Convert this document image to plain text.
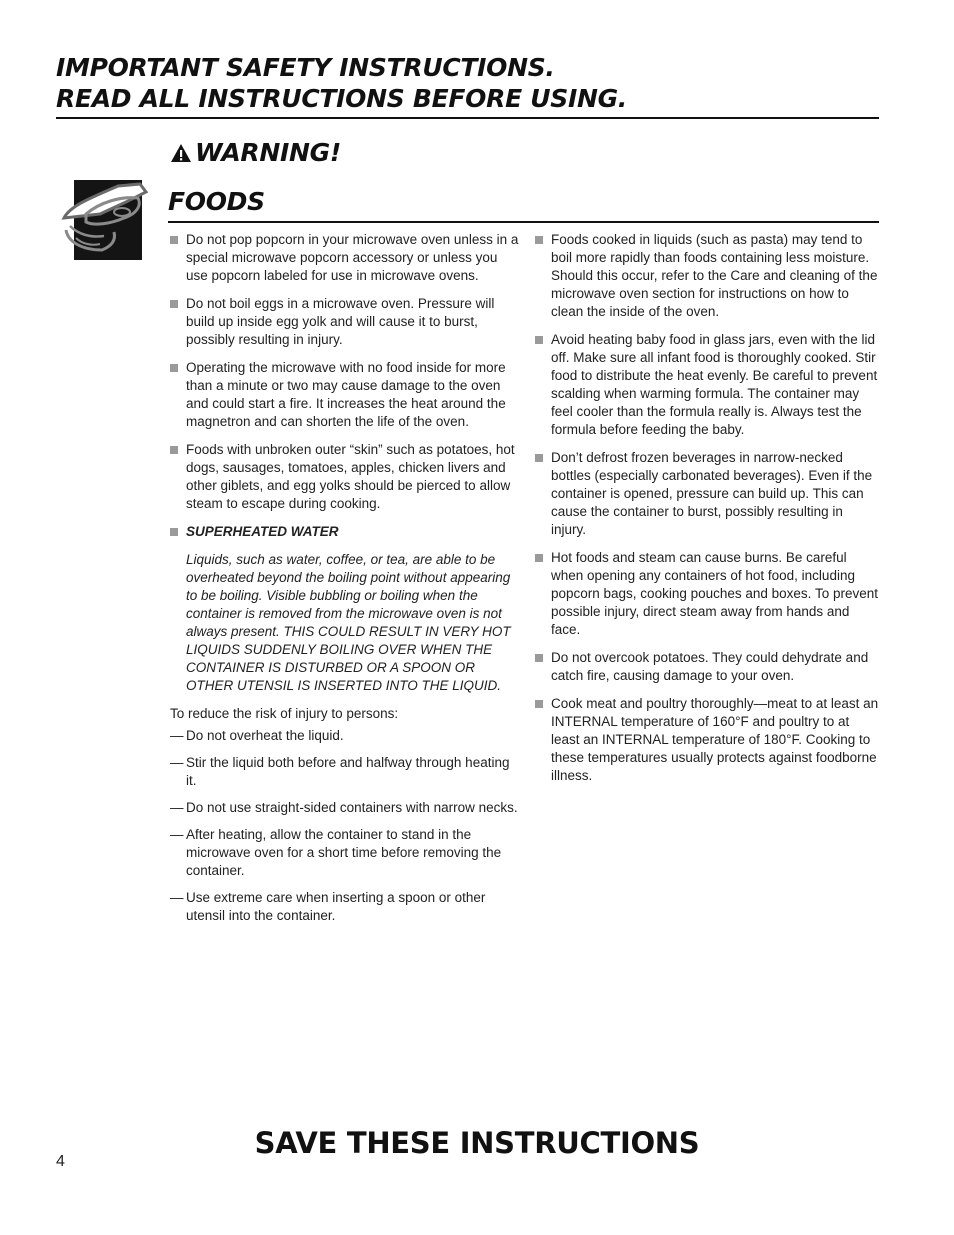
IMPORTANT SAFETY INSTRUCTIONS.
READ ALL INSTRUCTIONS BEFORE USING.
WARNING!
FOODS
Do not pop popcorn in your microwave oven unless in a special microwave popcorn accessory or unless you use popcorn labeled for use in microwave ovens.
Do not boil eggs in a microwave oven. Pressure will build up inside egg yolk and will cause it to burst, possibly resulting in injury.
Operating the microwave with no food inside for more than a minute or two may cause damage to the oven and could start a fire. It increases the heat around the magnetron and can shorten the life of the oven.
Foods with unbroken outer “skin” such as potatoes, hot dogs, sausages, tomatoes, apples, chicken livers and other giblets, and egg yolks should be pierced to allow steam to escape during cooking.
SUPERHEATED WATER
Liquids, such as water, coffee, or tea, are able to be overheated beyond the boiling point without appearing to be boiling. Visible bubbling or boiling when the container is removed from the microwave oven is not always present. THIS COULD RESULT IN VERY HOT LIQUIDS SUDDENLY BOILING OVER WHEN THE CONTAINER IS DISTURBED OR A SPOON OR OTHER UTENSIL IS INSERTED INTO THE LIQUID.
To reduce the risk of injury to persons:
— Do not overheat the liquid.
— Stir the liquid both before and halfway through heating it.
— Do not use straight-sided containers with narrow necks.
— After heating, allow the container to stand in the microwave oven for a short time before removing the container.
— Use extreme care when inserting a spoon or other utensil into the container.
Foods cooked in liquids (such as pasta) may tend to boil more rapidly than foods containing less moisture. Should this occur, refer to the Care and cleaning of the microwave oven section for instructions on how to clean the inside of the oven.
Avoid heating baby food in glass jars, even with the lid off. Make sure all infant food is thoroughly cooked. Stir food to distribute the heat evenly. Be careful to prevent scalding when warming formula. The container may feel cooler than the formula really is. Always test the formula before feeding the baby.
Don’t defrost frozen beverages in narrow-necked bottles (especially carbonated beverages). Even if the container is opened, pressure can build up. This can cause the container to burst, possibly resulting in injury.
Hot foods and steam can cause burns. Be careful when opening any containers of hot food, including popcorn bags, cooking pouches and boxes. To prevent possible injury, direct steam away from hands and face.
Do not overcook potatoes. They could dehydrate and catch fire, causing damage to your oven.
Cook meat and poultry thoroughly—meat to at least an INTERNAL temperature of 160°F and poultry to at least an INTERNAL temperature of 180°F. Cooking to these temperatures usually protects against foodborne illness.
SAVE THESE INSTRUCTIONS
4
